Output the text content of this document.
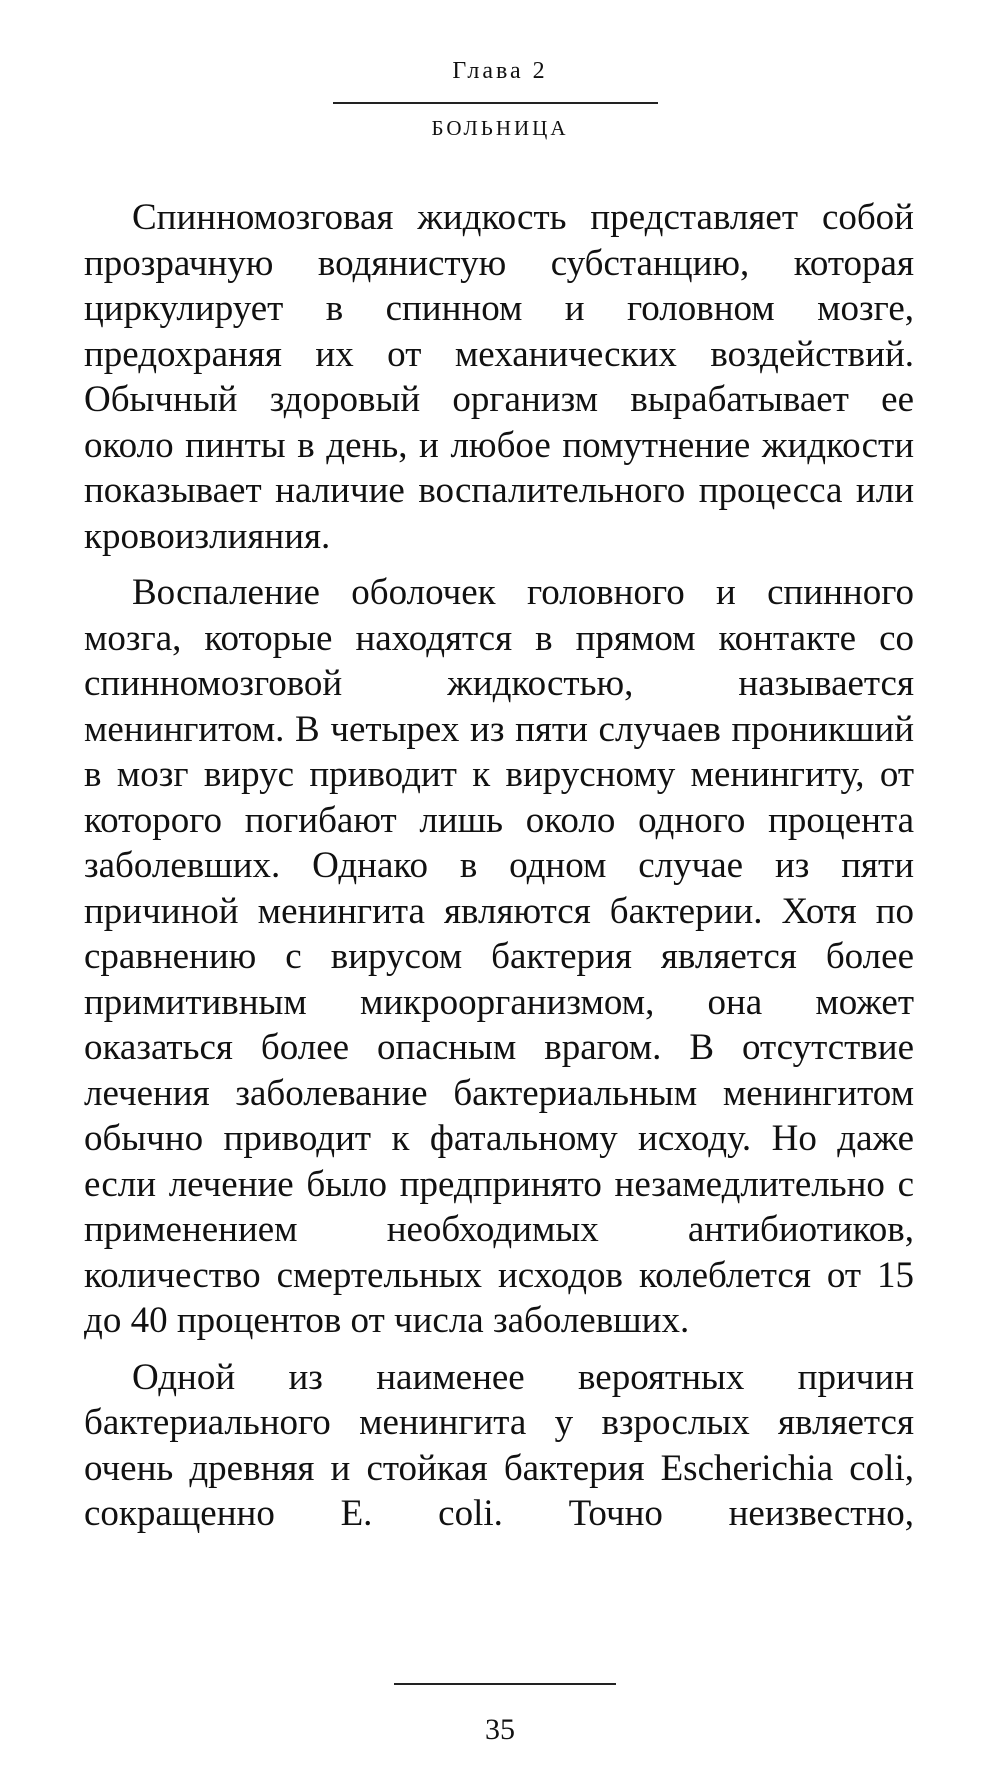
Глава 2
БОЛЬНИЦА

Спинномозговая жидкость представляет собой прозрачную водянистую субстанцию, которая циркулирует в спинном и головном мозге, предохраняя их от механических воздействий. Обычный здоровый организм вырабатывает ее около пинты в день, и любое помутнение жидкости показывает наличие воспалительного процесса или кровоизлияния.

Воспаление оболочек головного и спинного мозга, которые находятся в прямом контакте со спинномозговой жидкостью, называется менингитом. В четырех из пяти случаев проникший в мозг вирус приводит к вирусному менингиту, от которого погибают лишь около одного процента заболевших. Однако в одном случае из пяти причиной менингита являются бактерии. Хотя по сравнению с вирусом бактерия является более примитивным микроорганизмом, она может оказаться более опасным врагом. В отсутствие лечения заболевание бактериальным менингитом обычно приводит к фатальному исходу. Но даже если лечение было предпринято незамедлительно с применением необходимых антибиотиков, количество смертельных исходов колеблется от 15 до 40 процентов от числа заболевших.

Одной из наименее вероятных причин бактериального менингита у взрослых является очень древняя и стойкая бактерия Escherichia coli, сокращенно E. coli. Точно неизвестно,

35
